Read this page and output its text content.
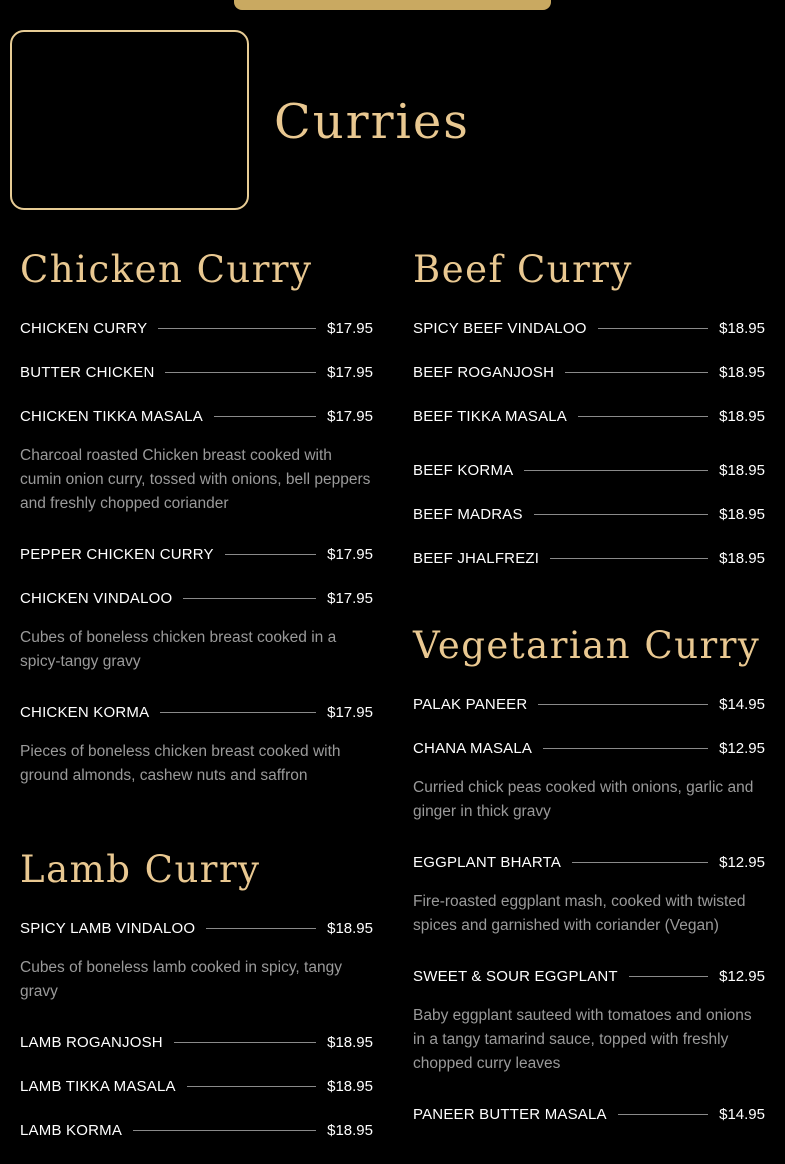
Curries
Chicken Curry
CHICKEN CURRY	$17.95
BUTTER CHICKEN	$17.95
CHICKEN TIKKA MASALA	$17.95

Charcoal roasted Chicken breast cooked with cumin onion curry, tossed with onions, bell peppers and freshly chopped coriander

PEPPER CHICKEN CURRY	$17.95
CHICKEN VINDALOO	$17.95

Cubes of boneless chicken breast cooked in a spicy-tangy gravy

CHICKEN KORMA	$17.95

Pieces of boneless chicken breast cooked with ground almonds, cashew nuts and saffron

Lamb Curry
SPICY LAMB VINDALOO	$18.95

Cubes of boneless lamb cooked in spicy, tangy gravy

LAMB ROGANJOSH	$18.95
LAMB TIKKA MASALA	$18.95
LAMB KORMA	$18.95
Beef Curry
SPICY BEEF VINDALOO	$18.95
BEEF ROGANJOSH	$18.95
BEEF TIKKA MASALA	$18.95
BEEF KORMA	$18.95
BEEF MADRAS	$18.95
BEEF JHALFREZI	$18.95
Vegetarian Curry
PALAK PANEER	$14.95
CHANA MASALA	$12.95

Curried chick peas cooked with onions, garlic and ginger in thick gravy

EGGPLANT BHARTA	$12.95

Fire-roasted eggplant mash, cooked with twisted spices and garnished with coriander (Vegan)

SWEET & SOUR EGGPLANT	$12.95

Baby eggplant sauteed with tomatoes and onions in a tangy tamarind sauce, topped with freshly chopped curry leaves

PANEER BUTTER MASALA	$14.95
